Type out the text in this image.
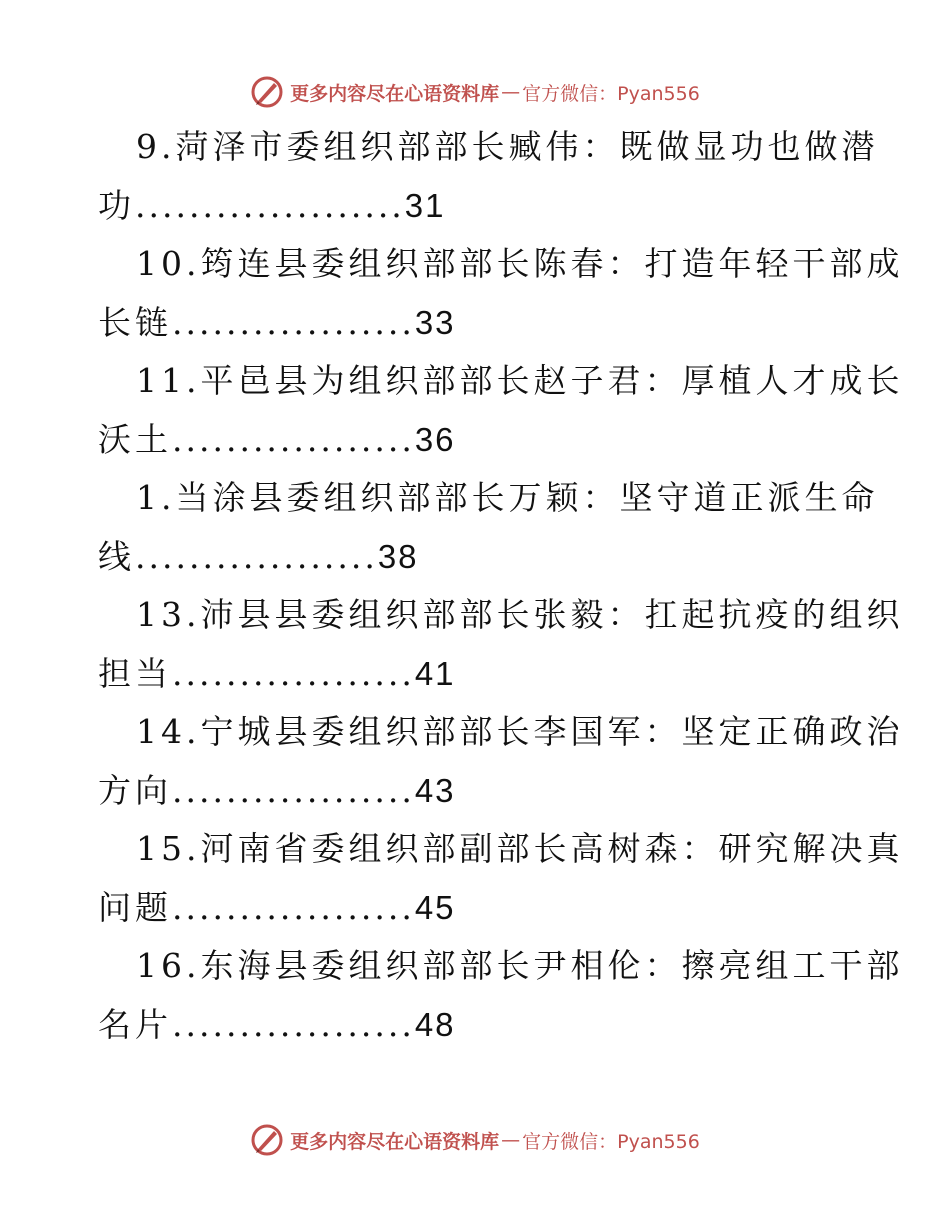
更多内容尽在心语资料库 — 官方微信：Pyan556
9.菏泽市委组织部部长臧伟：既做显功也做潜
功....................31
10.筠连县委组织部部长陈春：打造年轻干部成
长链..................33
11.平邑县为组织部部长赵子君：厚植人才成长
沃土..................36
1.当涂县委组织部部长万颖：坚守道正派生命
线..................38
13.沛县县委组织部部长张毅：扛起抗疫的组织
担当..................41
14.宁城县委组织部部长李国军：坚定正确政治
方向..................43
15.河南省委组织部副部长高树森：研究解决真
问题..................45
16.东海县委组织部部长尹相伦：擦亮组工干部
名片..................48
更多内容尽在心语资料库 — 官方微信：Pyan556
